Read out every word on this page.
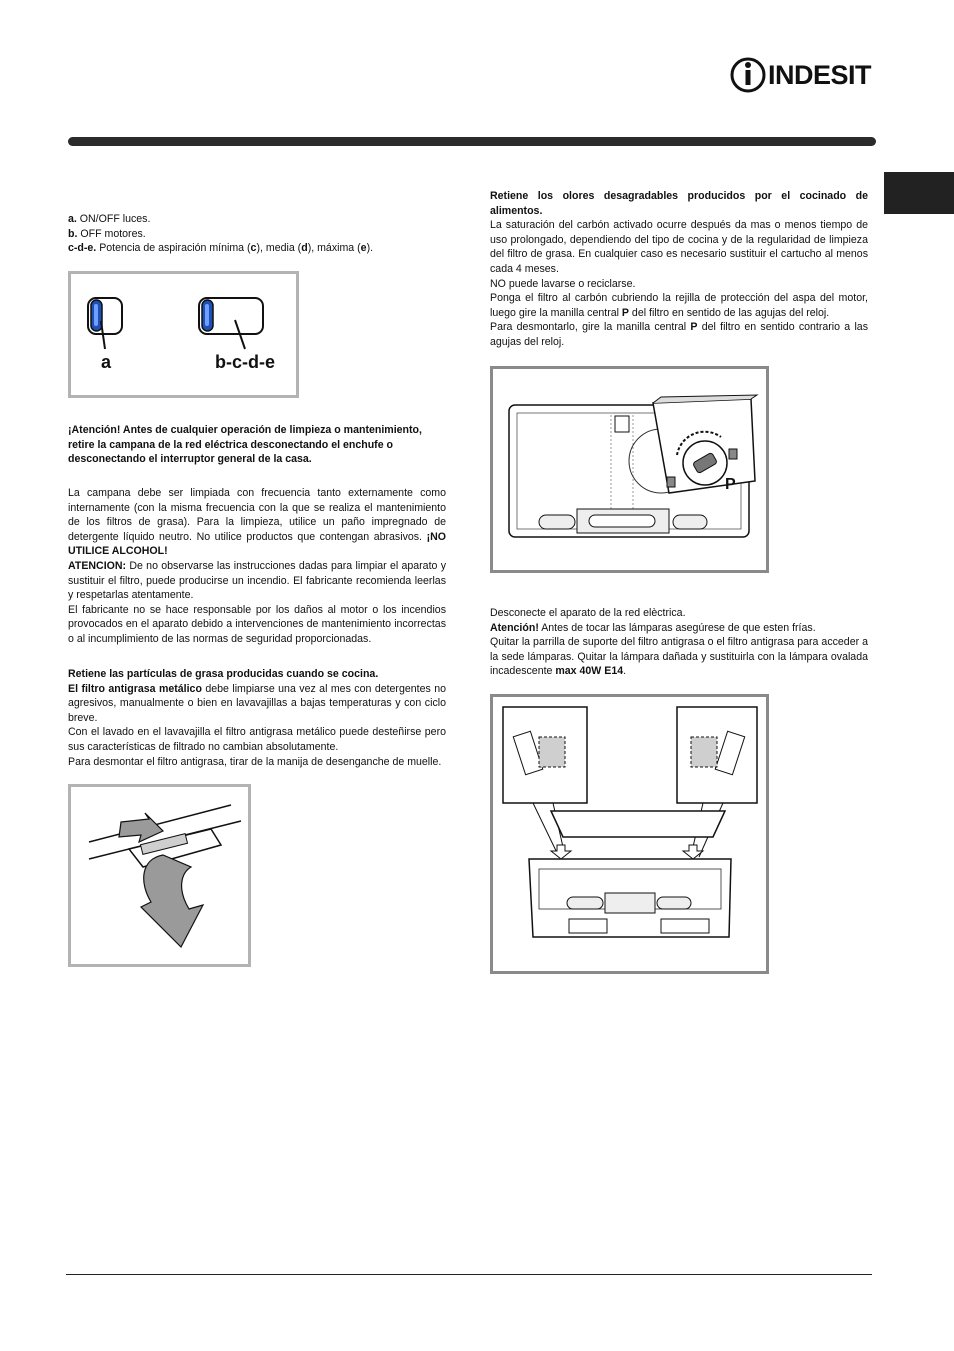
INDESIT

a. ON/OFF luces.

b. OFF motores.

c-d-e. Potencia de aspiración mínima (c), media (d), máxima (e).

a	b-c-d-e

¡Atención! Antes de cualquier operación de limpieza o mantenimiento, retire la campana de la red eléctrica desconectando el enchufe o desconectando el interruptor general de la casa.

La campana debe ser limpiada con frecuencia tanto externamente como internamente (con la misma frecuencia con la que se realiza el mantenimiento de los filtros de grasa). Para la limpieza, utilice un paño impregnado de detergente líquido neutro. No utilice productos que contengan abrasivos. ¡NO UTILICE ALCOHOL!

ATENCION: De no observarse las instrucciones dadas para limpiar el aparato y sustituir el filtro, puede producirse un incendio. El fabricante recomienda leerlas y respetarlas atentamente.

El fabricante no se hace responsable por los daños al motor o los incendios provocados en el aparato debido a intervenciones de mantenimiento incorrectas o al incumplimiento de las normas de seguridad proporcionadas.

Retiene las partículas de grasa producidas cuando se cocina.

El filtro antigrasa metálico debe limpiarse una vez al mes con detergentes no agresivos, manualmente o bien en lavavajillas a bajas temperaturas y con ciclo breve.

Con el lavado en el lavavajilla el filtro antigrasa metálico puede desteñirse pero sus características de filtrado no cambian absolutamente.

Para desmontar el filtro antigrasa, tirar de la manija de desenganche de muelle.

Retiene los olores desagradables producidos por el cocinado de alimentos.

La saturación del carbón activado ocurre después da mas o menos tiempo de uso prolongado, dependiendo del tipo de cocina y de la regularidad de limpieza del filtro de grasa. En cualquier caso es necesario sustituir el cartucho al menos cada 4 meses.

NO puede lavarse o reciclarse.

Ponga el filtro al carbón cubriendo la rejilla de protección del aspa del motor, luego gire la manilla central P del filtro en sentido de las agujas del reloj.

Para desmontarlo, gire la manilla central P del filtro en sentido contrario a las agujas del reloj.

P

Desconecte el aparato de la red elèctrica.

Atención! Antes de tocar las lámparas asegúrese de que esten frías.

Quitar la parrilla de suporte del filtro antigrasa o el filtro antigrasa para acceder a la sede lámparas. Quitar la lámpara dañada y sustituirla con la lámpara ovalada incadescente max 40W E14.
